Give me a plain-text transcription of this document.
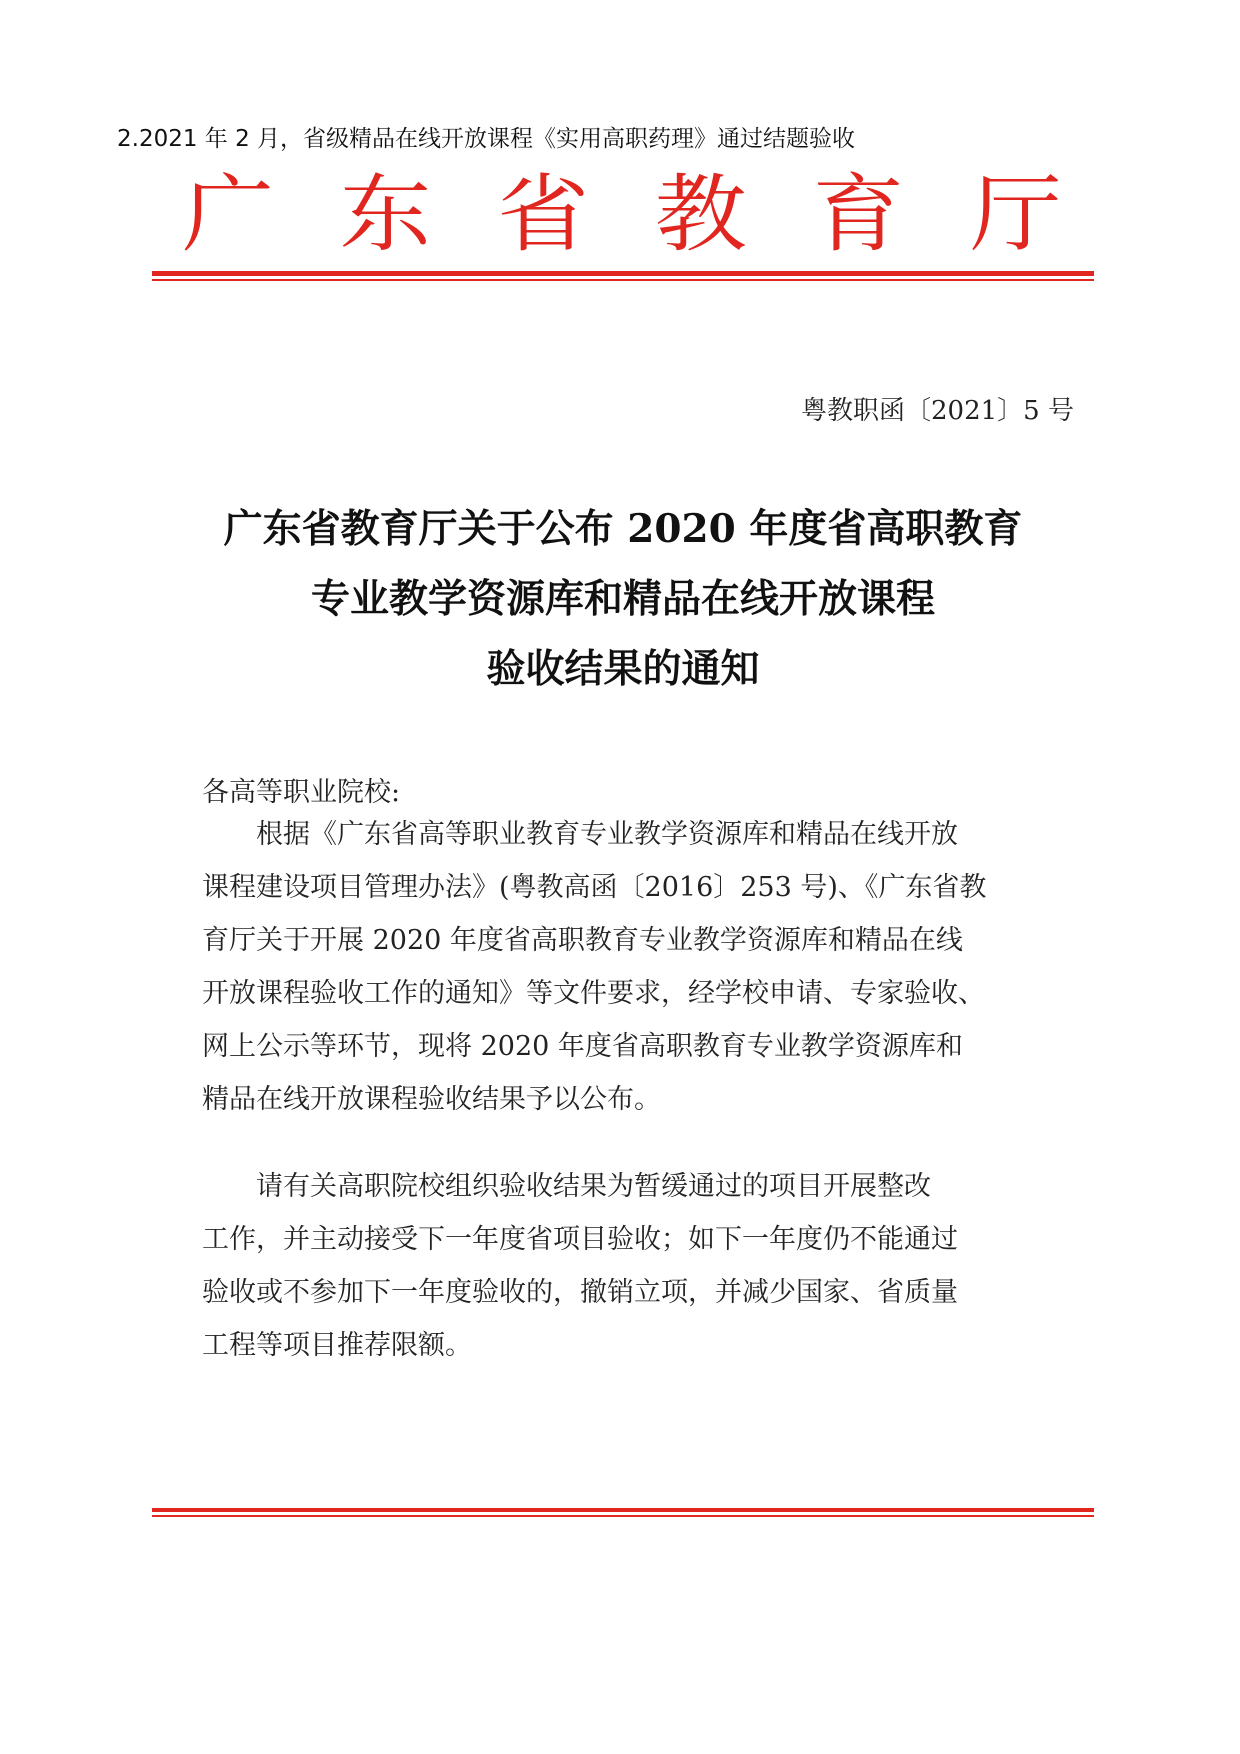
2.2021 年 2 月，省级精品在线开放课程《实用高职药理》通过结题验收
广 东 省 教 育 厅
粤教职函〔2021〕5 号
广东省教育厅关于公布 2020 年度省高职教育
专业教学资源库和精品在线开放课程
验收结果的通知
各高等职业院校:
根据《广东省高等职业教育专业教学资源库和精品在线开放
课程建设项目管理办法》(粤教高函〔2016〕253 号)、《广东省教
育厅关于开展 2020 年度省高职教育专业教学资源库和精品在线
开放课程验收工作的通知》等文件要求，经学校申请、专家验收、
网上公示等环节，现将 2020 年度省高职教育专业教学资源库和
精品在线开放课程验收结果予以公布。
请有关高职院校组织验收结果为暂缓通过的项目开展整改
工作，并主动接受下一年度省项目验收；如下一年度仍不能通过
验收或不参加下一年度验收的，撤销立项，并减少国家、省质量
工程等项目推荐限额。
